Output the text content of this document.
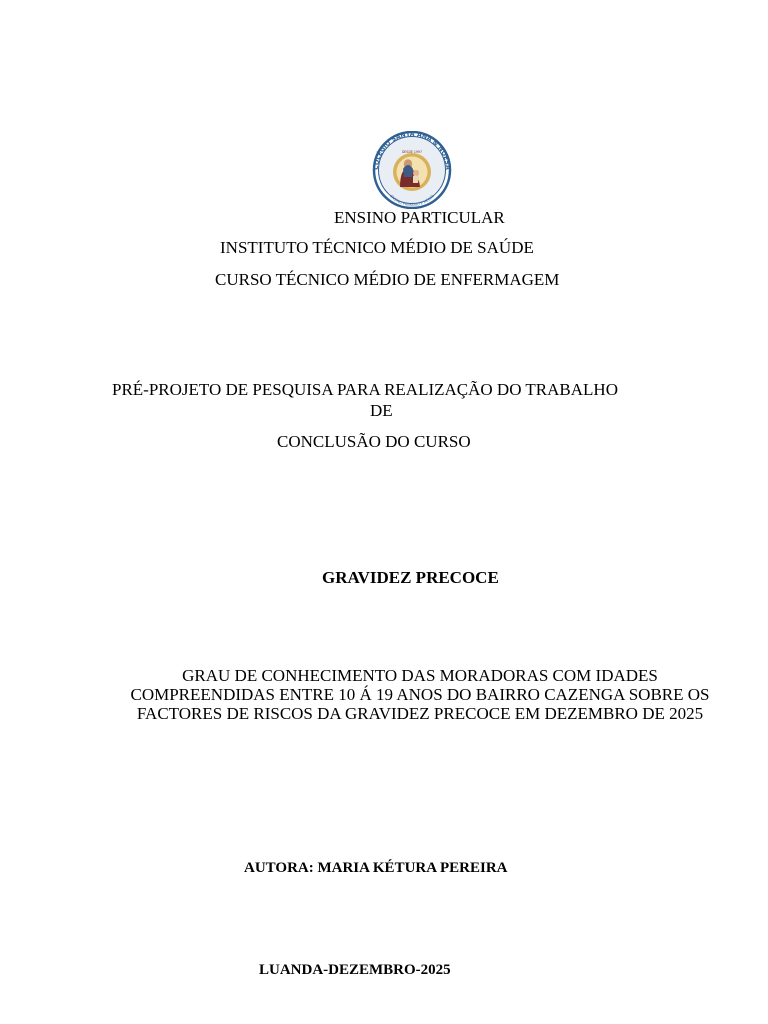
COLÉGIO SANTA ANA & NOESA
ENSINO PRIMÁRIO E MÉDIO
DESDE 1997
ENSINO PARTICULAR
INSTITUTO TÉCNICO MÉDIO DE SAÚDE
CURSO TÉCNICO MÉDIO DE ENFERMAGEM
PRÉ-PROJETO DE PESQUISA PARA REALIZAÇÃO DO TRABALHO
DE
CONCLUSÃO DO CURSO
GRAVIDEZ PRECOCE
GRAU DE CONHECIMENTO DAS MORADORAS COM IDADES
COMPREENDIDAS ENTRE 10 Á 19 ANOS DO BAIRRO CAZENGA SOBRE OS
FACTORES DE RISCOS DA GRAVIDEZ PRECOCE EM DEZEMBRO DE 2025
AUTORA: MARIA KÉTURA PEREIRA
LUANDA-DEZEMBRO-2025
